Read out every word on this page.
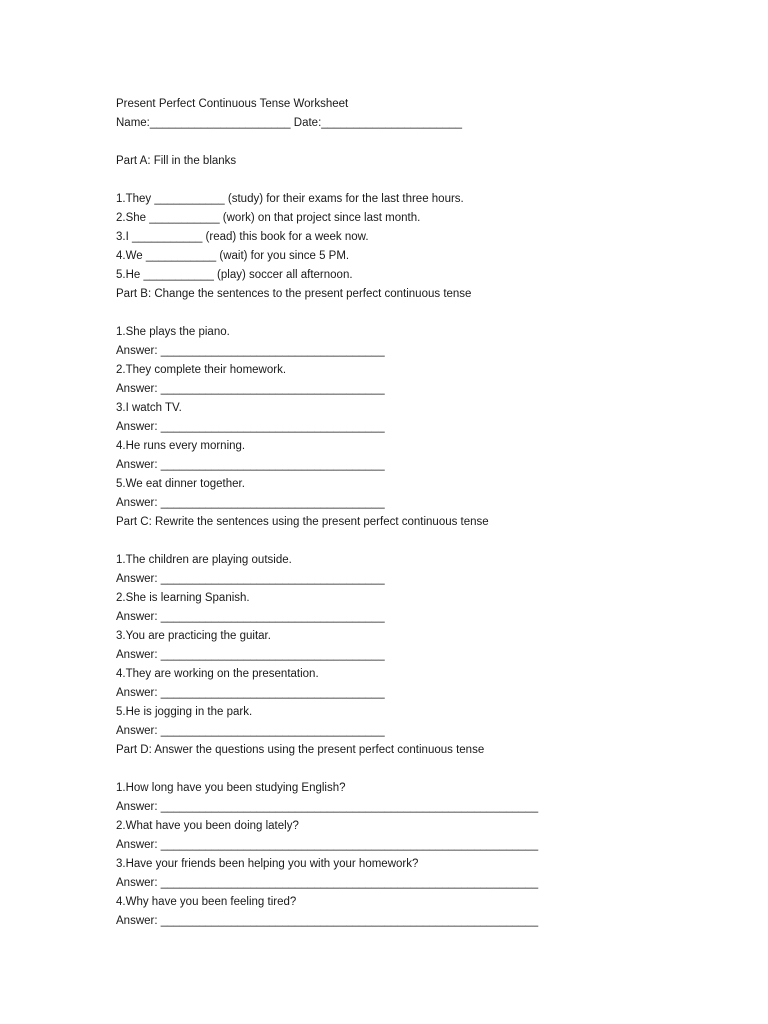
Present Perfect Continuous Tense Worksheet
Name:______________________ Date:______________________
Part A: Fill in the blanks
1.They ___________ (study) for their exams for the last three hours.
2.She ___________ (work) on that project since last month.
3.I ___________ (read) this book for a week now.
4.We ___________ (wait) for you since 5 PM.
5.He ___________ (play) soccer all afternoon.
Part B: Change the sentences to the present perfect continuous tense
1.She plays the piano.
Answer: ___________________________________
2.They complete their homework.
Answer: ___________________________________
3.I watch TV.
Answer: ___________________________________
4.He runs every morning.
Answer: ___________________________________
5.We eat dinner together.
Answer: ___________________________________
Part C: Rewrite the sentences using the present perfect continuous tense
1.The children are playing outside.
Answer: ___________________________________
2.She is learning Spanish.
Answer: ___________________________________
3.You are practicing the guitar.
Answer: ___________________________________
4.They are working on the presentation.
Answer: ___________________________________
5.He is jogging in the park.
Answer: ___________________________________
Part D: Answer the questions using the present perfect continuous tense
1.How long have you been studying English?
Answer: ___________________________________________________________
2.What have you been doing lately?
Answer: ___________________________________________________________
3.Have your friends been helping you with your homework?
Answer: ___________________________________________________________
4.Why have you been feeling tired?
Answer: ___________________________________________________________
